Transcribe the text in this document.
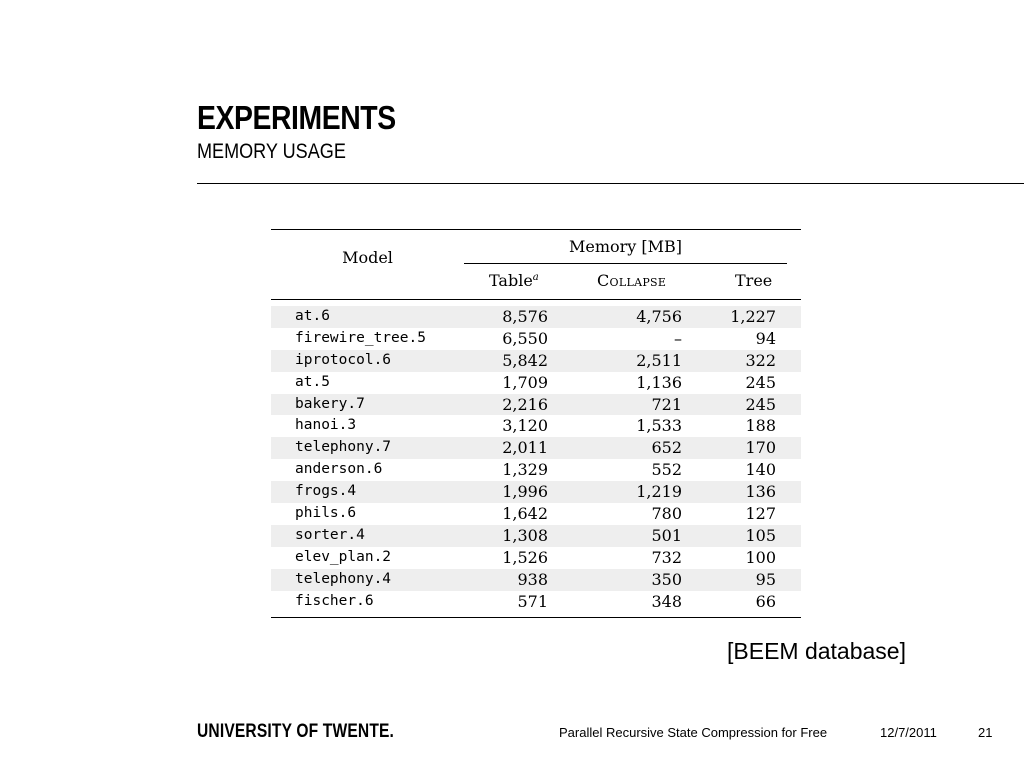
EXPERIMENTS
MEMORY USAGE
Model
Memory [MB]
Table$^a$	Collapse	Tree
at.6	8,576	4,756	1,227
firewire_tree.5	6,550	–	94
iprotocol.6	5,842	2,511	322
at.5	1,709	1,136	245
bakery.7	2,216	721	245
hanoi.3	3,120	1,533	188
telephony.7	2,011	652	170
anderson.6	1,329	552	140
frogs.4	1,996	1,219	136
phils.6	1,642	780	127
sorter.4	1,308	501	105
elev_plan.2	1,526	732	100
telephony.4	938	350	95
fischer.6	571	348	66
[BEEM database]
UNIVERSITY OF TWENTE.	Parallel Recursive State Compression for Free	12/7/2011	21
